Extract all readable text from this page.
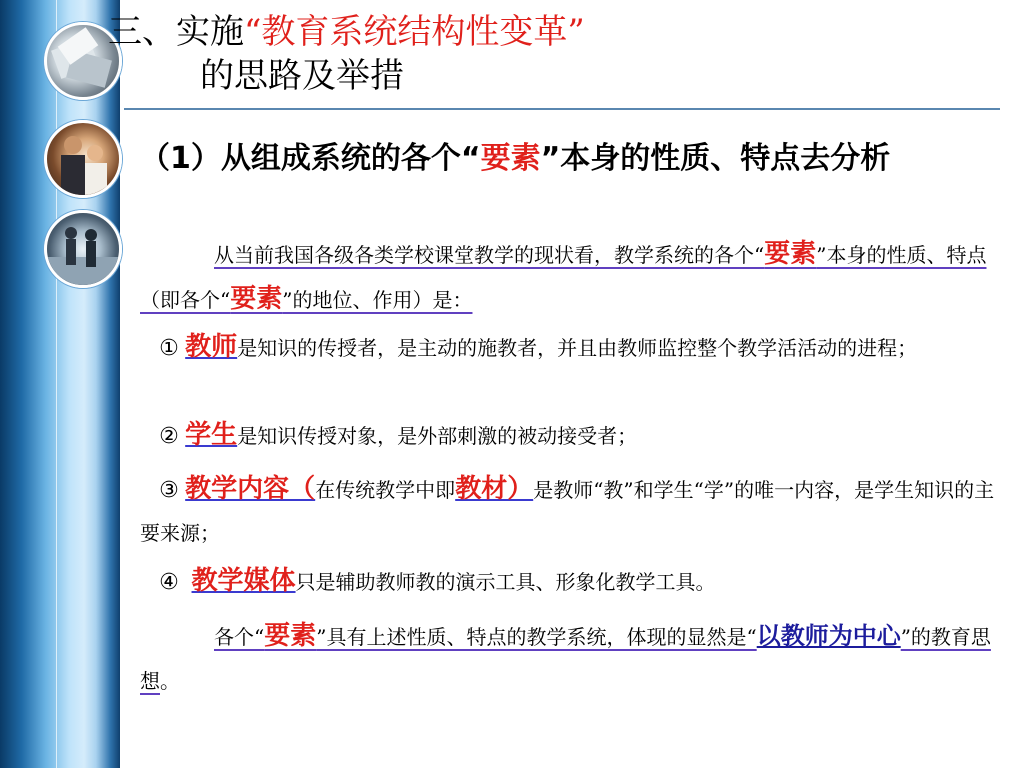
三、实施“教育系统结构性变革”
的思路及举措
（1）从组成系统的各个“要素”本身的性质、特点去分析
从当前我国各级各类学校课堂教学的现状看，教学系统的各个“要素”本身的性质、特点（即各个“要素”的地位、作用）是：
① 教师是知识的传授者，是主动的施教者，并且由教师监控整个教学活活动的进程；
② 学生是知识传授对象，是外部刺激的被动接受者；
③ 教学内容（在传统教学中即教材）是教师“教”和学生“学”的唯一内容，是学生知识的主要来源；
④ 教学媒体只是辅助教师教的演示工具、形象化教学工具。
各个“要素”具有上述性质、特点的教学系统，体现的显然是“以教师为中心”的教育思想。
